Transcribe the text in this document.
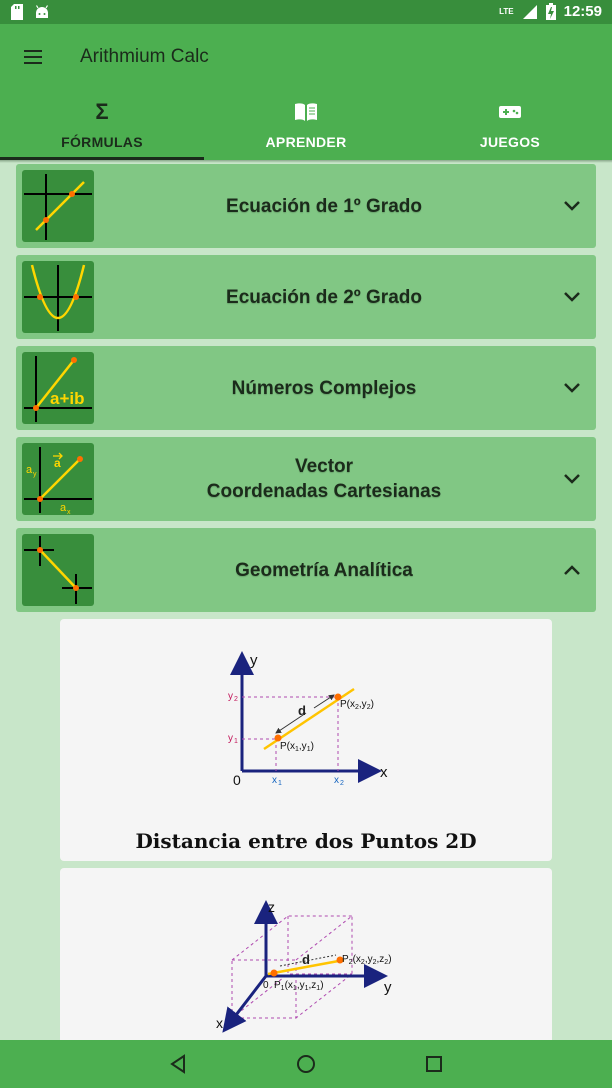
LTE	12:59
Arithmium Calc
Σ
FÓRMULAS	APRENDER	JUEGOS
Ecuación de 1º Grado
Ecuación de 2º Grado
a+ib	Números Complejos
a y
a
a x
Vector
Coordenadas Cartesianas
Geometría Analítica
d
y
x
0
y 2
y 1
x 1	x 2
$P(x_1,y_1)$
$P(x_2,y_2)$
Distancia entre dos Puntos 2D
d
z
y
x
0 $P_1(x_1,y_1,z_1)$
$P_2(x_2,y_2,z_2)$
